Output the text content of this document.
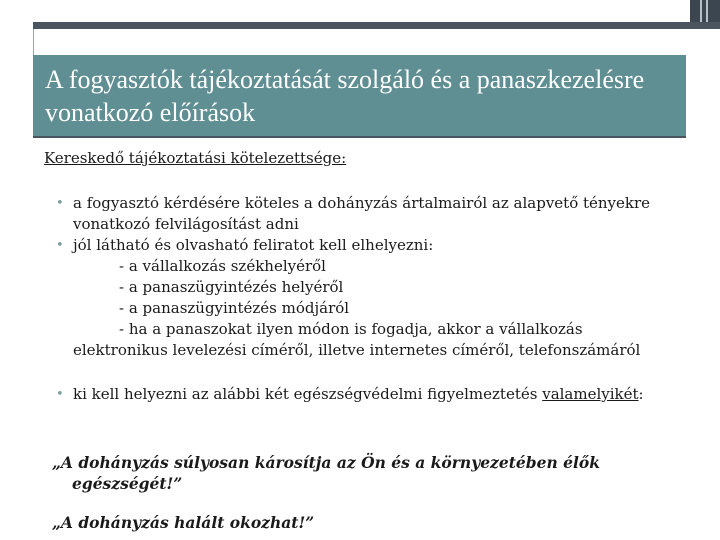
A fogyasztók tájékoztatását szolgáló és a panaszkezelésre vonatkozó előírások
Kereskedő tájékoztatási kötelezettsége:
• a fogyasztó kérdésére köteles a dohányzás ártalmairól az alapvető tényekre
vonatkozó felvilágosítást adni
• jól látható és olvasható feliratot kell elhelyezni:
- a vállalkozás székhelyéről
- a panaszügyintézés helyéről
- a panaszügyintézés módjáról
- ha a panaszokat ilyen módon is fogadja, akkor a vállalkozás
elektronikus levelezési címéről, illetve internetes címéről, telefonszámáról
• ki kell helyezni az alábbi két egészségvédelmi figyelmeztetés valamelyikét:
„A dohányzás súlyosan károsítja az Ön és a környezetében élők
egészségét!”
„A dohányzás halált okozhat!”
